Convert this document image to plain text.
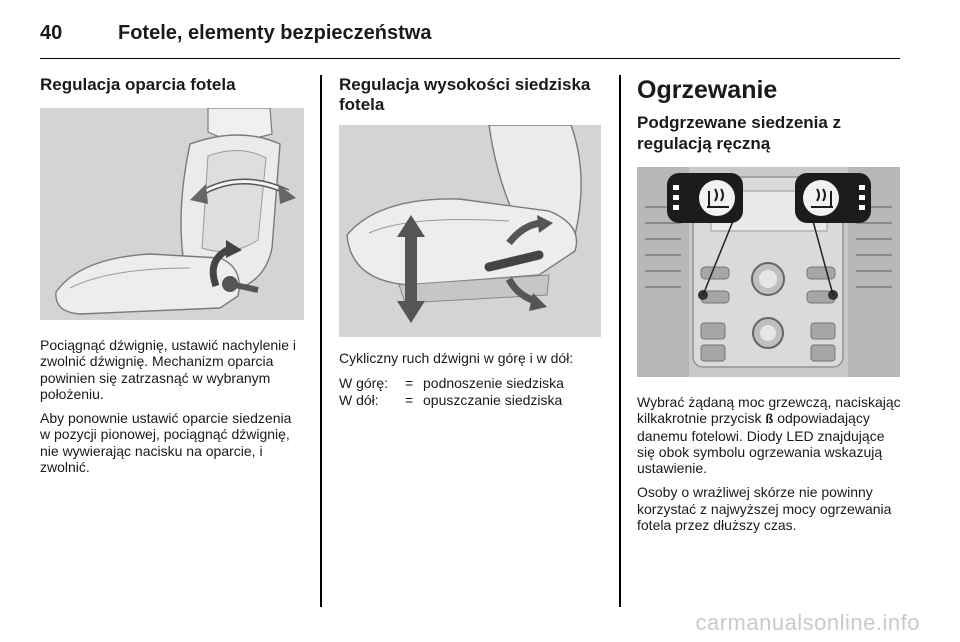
40	Fotele, elementy bezpieczeństwa
Regulacja oparcia fotela

Pociągnąć dźwignię, ustawić nachylenie i zwolnić dźwignię. Mechanizm oparcia powinien się zatrzasnąć w wybranym położeniu.

Aby ponownie ustawić oparcie siedzenia w pozycji pionowej, pociągnąć dźwignię, nie wywierając nacisku na oparcie, i zwolnić.

Regulacja wysokości siedziska fotela

Cykliczny ruch dźwigni w górę i w dół:

W górę:	=	podnoszenie siedziska
W dół:	=	opuszczanie siedziska
Ogrzewanie
Podgrzewane siedzenia z regulacją ręczną

Wybrać żądaną moc grzewczą, naciskając kilkakrotnie przycisk ß odpowiadający danemu fotelowi. Diody LED znajdujące się obok symbolu ogrzewania wskazują ustawienie.

Osoby o wrażliwej skórze nie powinny korzystać z najwyższej mocy ogrzewania fotela przez dłuższy czas.

carmanualsonline.info
